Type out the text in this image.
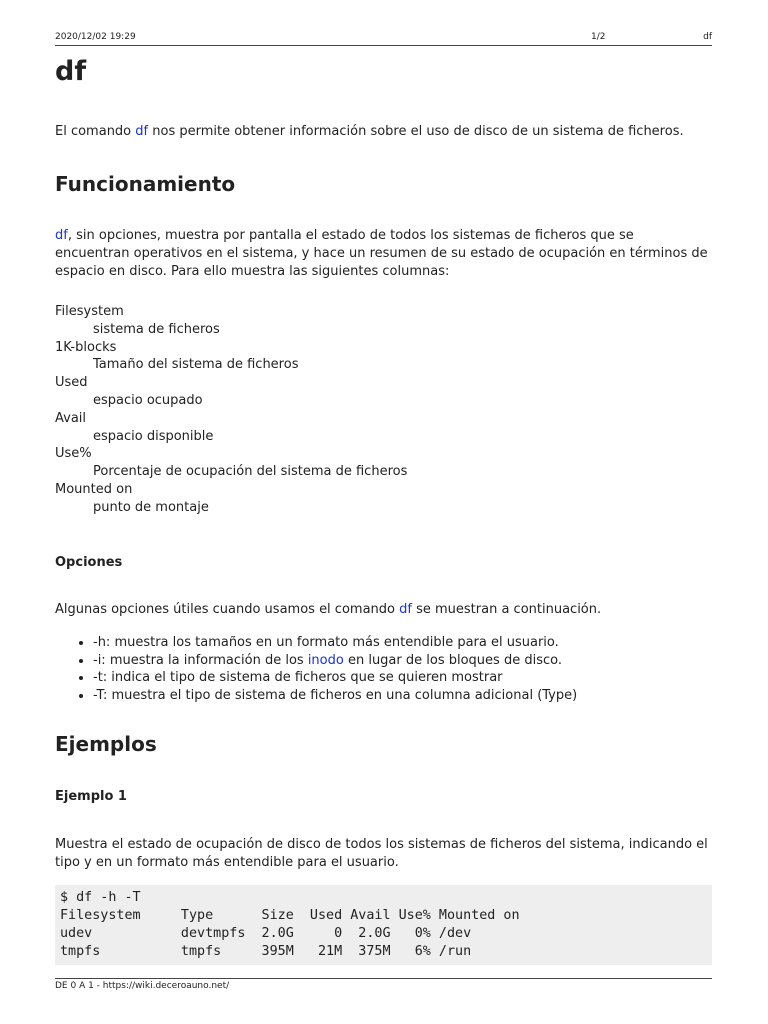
2020/12/02 19:29	1/2	df
df

El comando df nos permite obtener información sobre el uso de disco de un sistema de ficheros.

Funcionamiento

df, sin opciones, muestra por pantalla el estado de todos los sistemas de ficheros que se encuentran operativos en el sistema, y hace un resumen de su estado de ocupación en términos de espacio en disco. Para ello muestra las siguientes columnas:

Filesystem
sistema de ficheros
1K-blocks
Tamaño del sistema de ficheros
Used
espacio ocupado
Avail
espacio disponible
Use%
Porcentaje de ocupación del sistema de ficheros
Mounted on
punto de montaje
Opciones

Algunas opciones útiles cuando usamos el comando df se muestran a continuación.

• -h: muestra los tamaños en un formato más entendible para el usuario.
• -i: muestra la información de los inodo en lugar de los bloques de disco.
• -t: indica el tipo de sistema de ficheros que se quieren mostrar
• -T: muestra el tipo de sistema de ficheros en una columna adicional (Type)
Ejemplos
Ejemplo 1

Muestra el estado de ocupación de disco de todos los sistemas de ficheros del sistema, indicando el tipo y en un formato más entendible para el usuario.

$ df -h -T
Filesystem     Type      Size  Used Avail Use% Mounted on
udev           devtmpfs  2.0G     0  2.0G   0% /dev
tmpfs          tmpfs     395M   21M  375M   6% /run
DE 0 A 1 - https://wiki.deceroauno.net/
